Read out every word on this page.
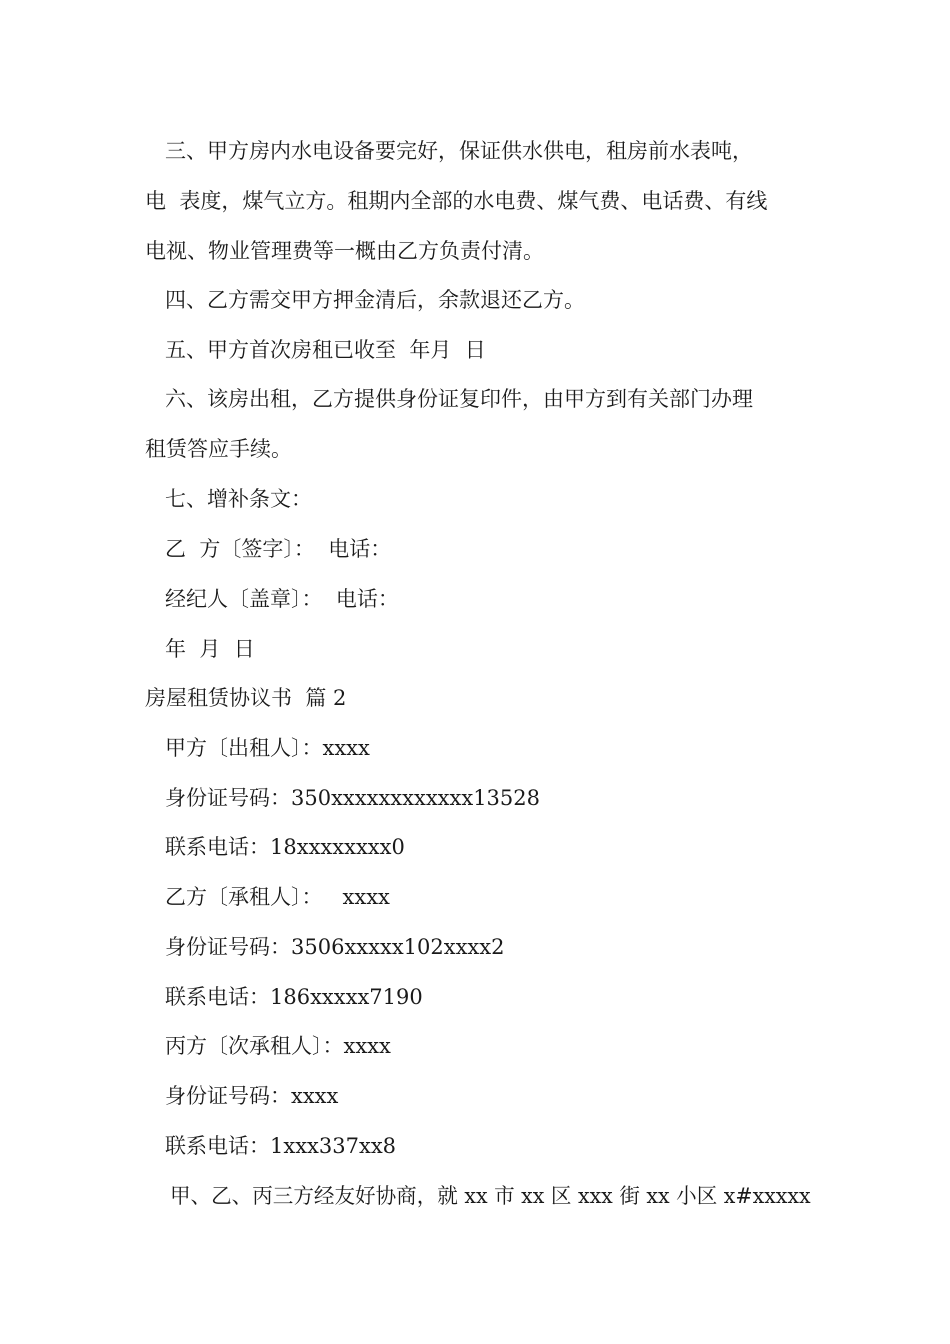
三、甲方房内水电设备要完好，保证供水供电，租房前水表吨，
电  表度，煤气立方。租期内全部的水电费、煤气费、电话费、有线
电视、物业管理费等一概由乙方负责付清。
四、乙方需交甲方押金清后，余款退还乙方。
五、甲方首次房租已收至  年月  日
六、该房出租，乙方提供身份证复印件，由甲方到有关部门办理
租赁答应手续。
七、增补条文：
乙  方〔签字〕：  电话：
经纪人〔盖章〕：  电话：
年  月  日
房屋租赁协议书  篇 2
甲方〔出租人〕：xxxx
身份证号码：350xxxxxxxxxxxx13528
联系电话：18xxxxxxxx0
乙方〔承租人〕：   xxxx
身份证号码：3506xxxxx102xxxx2
联系电话：186xxxxx7190
丙方〔次承租人〕：xxxx
身份证号码：xxxx
联系电话：1xxx337xx8
甲、乙、丙三方经友好协商，就 xx 市 xx 区 xxx 街 xx 小区 x#xxxxx
